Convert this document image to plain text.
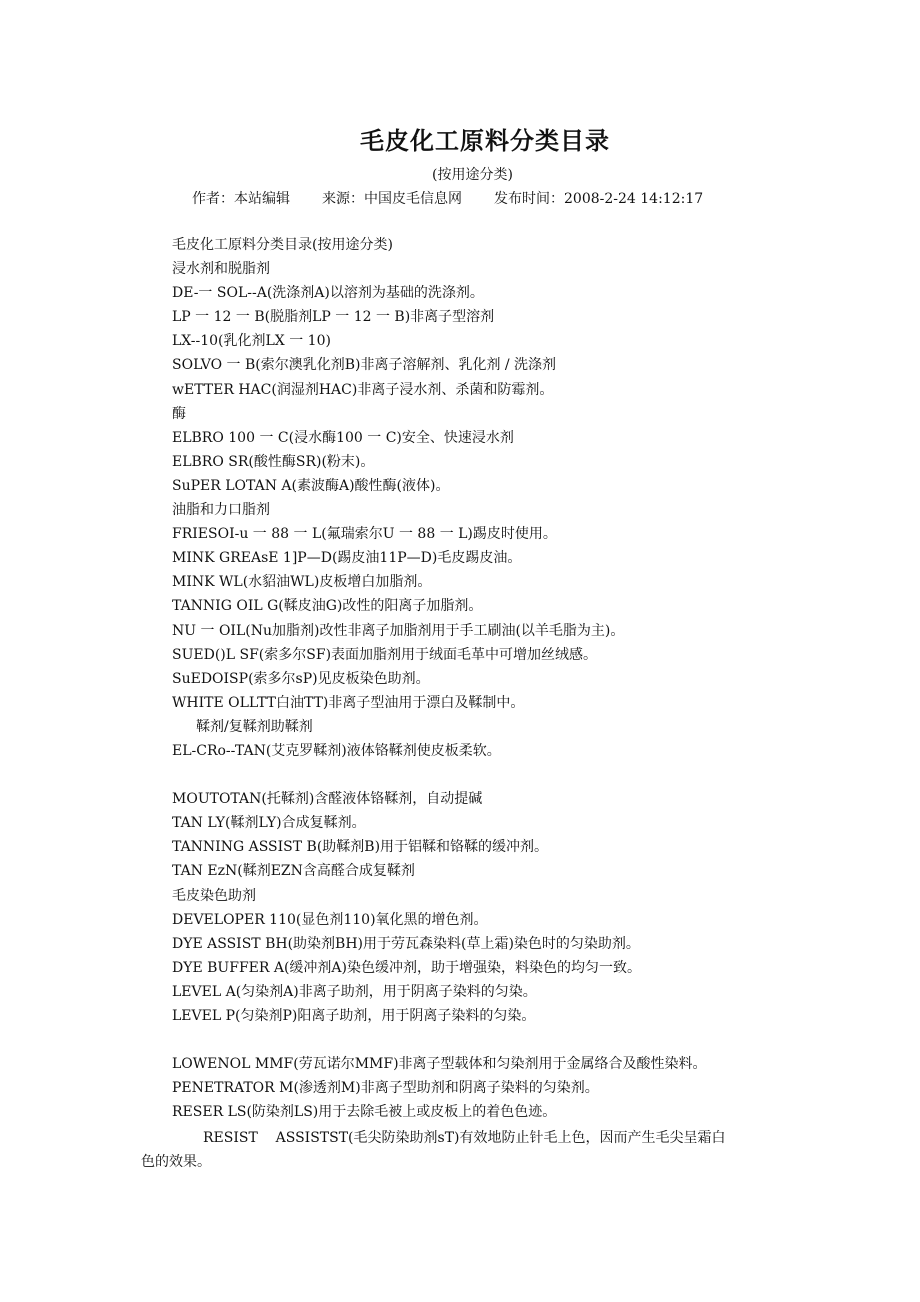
毛皮化工原料分类目录
(按用途分类)
作者：本站编辑 来源：中国皮毛信息网 发布时间：2008-2-24 14:12:17
毛皮化工原料分类目录(按用途分类)
浸水剂和脱脂剂
DE-一 SOL--A(洗涤剂A)以溶剂为基础的洗涤剂。
LP 一 12 一 B(脱脂剂LP 一 12 一 B)非离子型溶剂
LX--10(乳化剂LX 一 10)
SOLVO 一 B(索尔澳乳化剂B)非离子溶解剂、乳化剂 / 洗涤剂
wETTER HAC(润湿剂HAC)非离子浸水剂、杀菌和防霉剂。
酶
ELBRO 100 一 C(浸水酶100 一 C)安全、快速浸水剂
ELBRO SR(酸性酶SR)(粉末)。
SuPER LOTAN A(素波酶A)酸性酶(液体)。
油脂和力口脂剂
FRIESOI-u 一 88 一 L(氟瑞索尔U 一 88 一 L)踢皮时使用。
MINK GREAsE 1]P—D(踢皮油11P—D)毛皮踢皮油。
MINK WL(水貂油WL)皮板增白加脂剂。
TANNIG OIL G(鞣皮油G)改性的阳离子加脂剂。
NU 一 OIL(Nu加脂剂)改性非离子加脂剂用于手工刷油(以羊毛脂为主)。
SUED()L SF(索多尔SF)表面加脂剂用于绒面毛革中可增加丝绒感。
SuEDOISP(索多尔sP)见皮板染色助剂。
WHITE OLLTT白油TT)非离子型油用于漂白及鞣制中。
鞣剂/复鞣剂助鞣剂
EL-CRo--TAN(艾克罗鞣剂)液体铬鞣剂使皮板柔软。
MOUTOTAN(托鞣剂)含醛液体铬鞣剂，自动提碱
TAN LY(鞣剂LY)合成复鞣剂。
TANNING ASSIST B(助鞣剂B)用于铝鞣和铬鞣的缓冲剂。
TAN EzN(鞣剂EZN含高醛合成复鞣剂
毛皮染色助剂
DEVELOPER 110(显色剂110)氧化黑的增色剂。
DYE ASSIST BH(助染剂BH)用于劳瓦森染料(草上霜)染色时的匀染助剂。
DYE BUFFER A(缓冲剂A)染色缓冲剂，助于增强染，料染色的均匀一致。
LEVEL A(匀染剂A)非离子助剂，用于阴离子染料的匀染。
LEVEL P(匀染剂P)阳离子助剂，用于阴离子染料的匀染。
LOWENOL MMF(劳瓦诺尔MMF)非离子型载体和匀染剂用于金属络合及酸性染料。
PENETRATOR M(渗透剂M)非离子型助剂和阴离子染料的匀染剂。
RESER LS(防染剂LS)用于去除毛被上或皮板上的着色色迹。
RESIST    ASSISTST(毛尖防染助剂sT)有效地防止针毛上色，因而产生毛尖呈霜白
色的效果。
